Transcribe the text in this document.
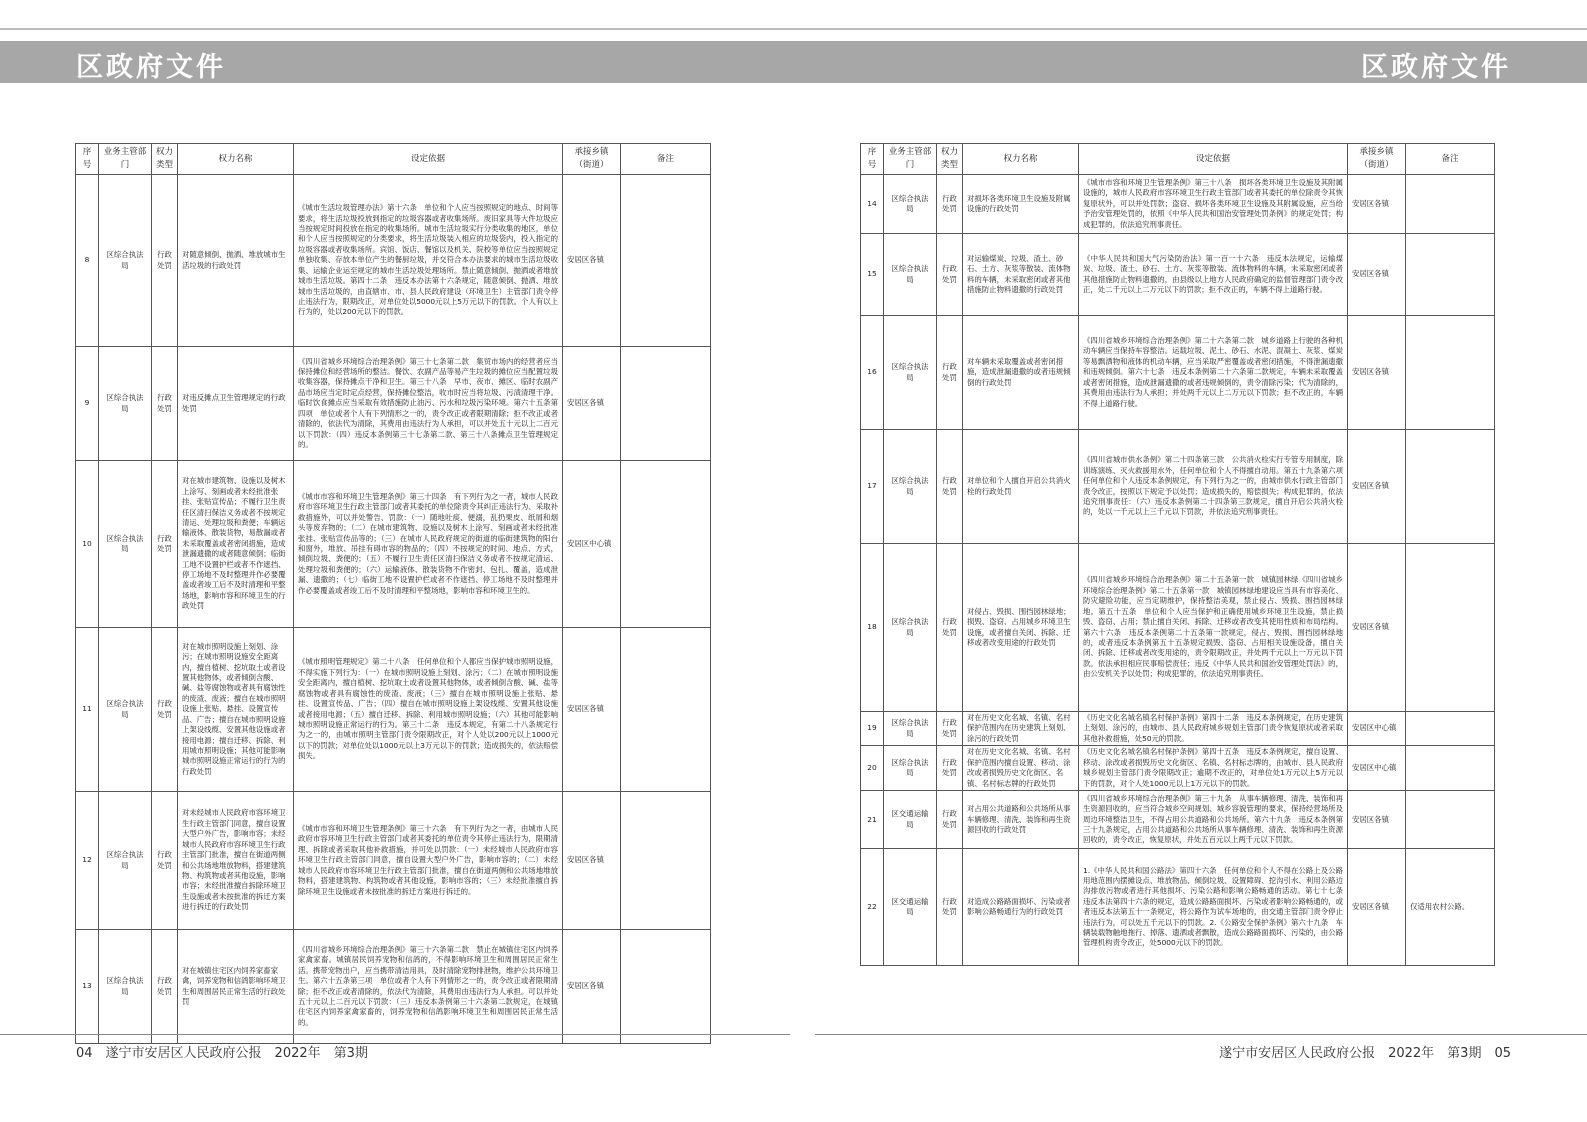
区政府文件	区政府文件
序号	业务主管部门	权力类型	权力名称	设定依据	承接乡镇（街道）	备注
8	区综合执法局	行政处罚	对随意倾倒、抛洒、堆放城市生活垃圾的行政处罚	《城市生活垃圾管理办法》第十六条　单位和个人应当按照规定的地点、时间等要求，将生活垃圾投放到指定的垃圾容器或者收集场所。废旧家具等大件垃圾应当按规定时间投放在指定的收集场所。城市生活垃圾实行分类收集的地区，单位和个人应当按照规定的分类要求，将生活垃圾装入相应的垃圾袋内，投入指定的垃圾容器或者收集场所。宾馆、饭店、餐馆以及机关、院校等单位应当按照规定单独收集、存放本单位产生的餐厨垃圾，并交符合本办法要求的城市生活垃圾收集、运输企业运至规定的城市生活垃圾处理场所。禁止随意倾倒、抛洒或者堆放城市生活垃圾。第四十二条　违反本办法第十六条规定，随意倾倒、抛洒、堆放城市生活垃圾的，由直辖市、市、县人民政府建设（环境卫生）主管部门责令停止违法行为，限期改正，对单位处以5000元以上5万元以下的罚款。个人有以上行为的，处以200元以下的罚款。	安居区各镇	
9	区综合执法局	行政处罚	对违反摊点卫生管理规定的行政处罚	《四川省城乡环境综合治理条例》第三十七条第二款　集贸市场内的经营者应当保持摊位和经营场所的整洁。餐饮、农副产品等易产生垃圾的摊位应当配置垃圾收集容器，保持摊点干净和卫生。第三十八条　早市、夜市、摊区、临时农副产品市场应当定时定点经营，保持摊位整洁，收市时应当将垃圾、污渍清理干净。临时饮食摊点应当采取有效措施防止油污、污水和垃圾污染环境。第六十五条第四项　单位或者个人有下列情形之一的，责令改正或者限期清除；拒不改正或者清除的，依法代为清除，其费用由违法行为人承担，可以并处五十元以上二百元以下罚款：（四）违反本条例第三十七条第二款、第三十八条摊点卫生管理规定的。	安居区各镇	
10	区综合执法局	行政处罚	对在城市建筑物、设施以及树木上涂写、刻画或者未经批准张挂、张贴宣传品；不履行卫生责任区清扫保洁义务或者不按规定清运、处理垃圾和粪便；车辆运输液体、散装货物，易散漏或者未采取覆盖或者密闭措施，造成泄漏遗撒的或者随意倾倒；临街工地不设置护栏或者不作遮挡、停工场地不及时整理并作必要覆盖或者竣工后不及时清理和平整场地，影响市容和环境卫生的行政处罚	《城市市容和环境卫生管理条例》第三十四条　有下列行为之一者，城市人民政府市容环境卫生行政主管部门或者其委托的单位除责令其纠正违法行为、采取补救措施外，可以并处警告、罚款：（一）随地吐痰、便溺，乱扔果皮、纸屑和烟头等废弃物的；（二）在城市建筑物、设施以及树木上涂写、刻画或者未经批准张挂、张贴宣传品等的；（三）在城市人民政府规定的街道的临街建筑物的阳台和窗外，堆放、吊挂有碍市容的物品的；（四）不按规定的时间、地点、方式，倾倒垃圾、粪便的；（五）不履行卫生责任区清扫保洁义务或者不按规定清运、处理垃圾和粪便的；（六）运输液体、散装货物不作密封、包扎、覆盖，造成泄漏、遗撒的；（七）临街工地不设置护栏或者不作遮挡、停工场地不及时整理并作必要覆盖或者竣工后不及时清理和平整场地，影响市容和环境卫生的。	安居区中心镇	
11	区综合执法局	行政处罚	对在城市照明设施上刻划、涂污；在城市照明设施安全距离内，擅自植树、挖坑取土或者设置其他物体，或者倾倒含酸、碱、盐等腐蚀物或者具有腐蚀性的废渣、废液；擅自在城市照明设施上张贴、悬挂、设置宣传品、广告；擅自在城市照明设施上架设线缆、安置其他设施或者接用电源；擅自迁移、拆除、利用城市照明设施；其他可能影响城市照明设施正常运行的行为的行政处罚	《城市照明管理规定》第二十八条　任何单位和个人都应当保护城市照明设施，不得实施下列行为：（一）在城市照明设施上刻划、涂污；（二）在城市照明设施安全距离内，擅自植树、挖坑取土或者设置其他物体，或者倾倒含酸、碱、盐等腐蚀物或者具有腐蚀性的废渣、废液；（三）擅自在城市照明设施上张贴、悬挂、设置宣传品、广告；（四）擅自在城市照明设施上架设线缆、安置其他设施或者接用电源；（五）擅自迁移、拆除、利用城市照明设施；（六）其他可能影响城市照明设施正常运行的行为。第三十二条　违反本规定，有第二十八条规定行为之一的，由城市照明主管部门责令限期改正，对个人处以200元以上1000元以下的罚款；对单位处以1000元以上3万元以下的罚款；造成损失的，依法赔偿损失。	安居区各镇	
12	区综合执法局	行政处罚	对未经城市人民政府市容环境卫生行政主管部门同意，擅自设置大型户外广告，影响市容；未经城市人民政府市容环境卫生行政主管部门批准，擅自在街道两侧和公共场地堆放物料，搭建建筑物、构筑物或者其他设施，影响市容；未经批准擅自拆除环境卫生设施或者未按批准的拆迁方案进行拆迁的行政处罚	《城市市容和环境卫生管理条例》第三十六条　有下列行为之一者，由城市人民政府市容环境卫生行政主管部门或者其委托的单位责令其停止违法行为，限期清理、拆除或者采取其他补救措施，并可处以罚款：（一）未经城市人民政府市容环境卫生行政主管部门同意，擅自设置大型户外广告，影响市容的；（二）未经城市人民政府市容环境卫生行政主管部门批准，擅自在街道两侧和公共场地堆放物料，搭建建筑物、构筑物或者其他设施，影响市容的；（三）未经批准擅自拆除环境卫生设施或者未按批准的拆迁方案进行拆迁的。	安居区各镇	
13	区综合执法局	行政处罚	对在城镇住宅区内饲养家畜家禽，饲养宠物和信鸽影响环境卫生和周围居民正常生活的行政处罚	《四川省城乡环境综合治理条例》第三十六条第二款　禁止在城镇住宅区内饲养家禽家畜。城镇居民饲养宠物和信鸽的，不得影响环境卫生和周围居民正常生活。携带宠物出户，应当携带清洁用具，及时清除宠物排泄物，维护公共环境卫生。第六十五条第三项　单位或者个人有下列情形之一的，责令改正或者限期清除；拒不改正或者清除的，依法代为清除，其费用由违法行为人承担。可以并处五十元以上二百元以下罚款：（三）违反本条例第三十六条第二款规定，在城镇住宅区内饲养家禽家畜的，饲养宠物和信鸽影响环境卫生和周围居民正常生活的。	安居区各镇	
序号	业务主管部门	权力类型	权力名称	设定依据	承接乡镇（街道）	备注
14	区综合执法局	行政处罚	对损坏各类环境卫生设施及附属设施的行政处罚	《城市市容和环境卫生管理条例》第三十八条　损坏各类环境卫生设施及其附属设施的，城市人民政府市容环境卫生行政主管部门或者其委托的单位除责令其恢复原状外，可以并处罚款；盗窃、损坏各类环境卫生设施及其附属设施，应当给予治安管理处罚的，依照《中华人民共和国治安管理处罚条例》的规定处罚；构成犯罪的，依法追究刑事责任。	安居区各镇	
15	区综合执法局	行政处罚	对运输煤炭、垃圾、渣土、砂石、土方、灰浆等散装、流体物料的车辆，未采取密闭或者其他措施防止物料遗撒的行政处罚	《中华人民共和国大气污染防治法》第一百一十六条　违反本法规定，运输煤炭、垃圾、渣土、砂石、土方、灰浆等散装、流体物料的车辆，未采取密闭或者其他措施防止物料遗撒的，由县级以上地方人民政府确定的监督管理部门责令改正，处二千元以上二万元以下的罚款；拒不改正的，车辆不得上道路行驶。	安居区各镇	
16	区综合执法局	行政处罚	对车辆未采取覆盖或者密闭措施，造成泄漏遗撒的或者违规倾倒的行政处罚	《四川省城乡环境综合治理条例》第二十六条第二款　城乡道路上行驶的各种机动车辆应当保持车容整洁。运载垃圾、泥土、砂石、水泥、混凝土、灰浆、煤炭等易飘洒物和液体的机动车辆，应当采取严密覆盖或者密闭措施，不得泄漏遗撒和违规倾倒。第六十七条　违反本条例第二十六条第二款规定，车辆未采取覆盖或者密闭措施，造成泄漏遗撒的或者违规倾倒的，责令清除污染；代为清除的，其费用由违法行为人承担；并处两千元以上二万元以下罚款；拒不改正的，车辆不得上道路行驶。	安居区各镇	
17	区综合执法局	行政处罚	对单位和个人擅自开启公共消火栓的行政处罚	《四川省城市供水条例》第二十四条第三款　公共消火栓实行专管专用制度，除训练演练、灭火救援用水外，任何单位和个人不得擅自动用。第五十九条第六项　任何单位和个人违反本条例规定，有下列行为之一的，由城市供水行政主管部门责令改正，按照以下规定予以处罚；造成损失的，赔偿损失；构成犯罪的，依法追究刑事责任：（六）违反本条例第二十四条第三款规定，擅自开启公共消火栓的，处以一千元以上三千元以下罚款，并依法追究刑事责任。	安居区各镇	
18	区综合执法局	行政处罚	对侵占、毁损、围挡园林绿地；损毁、盗窃、占用城乡环境卫生设施，或者擅自关闭、拆除、迁移或者改变用途的行政处罚	《四川省城乡环境综合治理条例》第二十五条第一款　城镇园林绿《四川省城乡环境综合治理条例》第二十五条第一款　城镇园林绿地建设应当具有市容美化、防灾避险功能，应当定期维护，保持整洁美观，禁止侵占、毁损、围挡园林绿地。第五十五条　单位和个人应当保护和正确使用城乡环境卫生设施，禁止损毁、盗窃、占用；禁止擅自关闭、拆除、迁移或者改变其使用性质和布局结构。第六十六条　违反本条例第二十五条第一款规定，侵占、毁损、围挡园林绿地的，或者违反本条例第五十五条规定损毁、盗窃、占用相关设施设备，擅自关闭、拆除、迁移或者改变用途的，责令限期改正，并处两千元以上一万元以下罚款。依法承担相应民事赔偿责任；违反《中华人民共和国治安管理处罚法》的，由公安机关予以处罚；构成犯罪的，依法追究刑事责任。	安居区各镇	
19	区综合执法局	行政处罚	对在历史文化名城、名镇、名村保护范围内在历史建筑上刻划、涂污的行政处罚	《历史文化名城名镇名村保护条例》第四十二条　违反本条例规定，在历史建筑上刻划、涂污的，由城市、县人民政府城乡规划主管部门责令恢复原状或者采取其他补救措施，处50元的罚款。	安居区中心镇	
20	区综合执法局	行政处罚	对在历史文化名城、名镇、名村保护范围内擅自设置、移动、涂改或者损毁历史文化街区、名镇、名村标志牌的行政处罚	《历史文化名城名镇名村保护条例》第四十五条　违反本条例规定，擅自设置、移动、涂改或者损毁历史文化街区、名镇、名村标志牌的，由城市、县人民政府城乡规划主管部门责令限期改正；逾期不改正的，对单位处1万元以上5万元以下的罚款，对个人处1000元以上1万元以下的罚款。	安居区中心镇	
21	区交通运输局	行政处罚	对占用公共道路和公共场所从事车辆修理、清洗、装饰和再生资源回收的行政处罚	《四川省城乡环境综合治理条例》第三十九条　从事车辆修理、清洗、装饰和再生资源回收的，应当符合城乡空间规划、城乡容貌管理的要求，保持经营场所及周边环境整洁卫生，不得占用公共道路和公共场所。第六十九条　违反本条例第三十九条规定，占用公共道路和公共场所从事车辆修理、清洗、装饰和再生资源回收的，责令改正，恢复原状，并处五百元以上两千元以下罚款。	安居区各镇	
22	区交通运输局	行政处罚	对造成公路路面损坏、污染或者影响公路畅通行为的行政处罚	1.《中华人民共和国公路法》第四十六条　任何单位和个人不得在公路上及公路用地范围内摆摊设点、堆放物品、倾倒垃圾、设置障碍、挖沟引水、利用公路边沟排放污物或者进行其他损坏、污染公路和影响公路畅通的活动。第七十七条　违反本法第四十六条的规定，造成公路路面损坏、污染或者影响公路畅通的，或者违反本法第五十一条规定，将公路作为试车场地的，由交通主管部门责令停止违法行为，可以处五千元以下的罚款。2.《公路安全保护条例》第六十九条　车辆装载物触地拖行、掉落、遗洒或者飘散，造成公路路面损坏、污染的，由公路管理机构责令改正，处5000元以下的罚款。	安居区各镇	仅适用农村公路。
04　遂宁市安居区人民政府公报　2022年　第3期	遂宁市安居区人民政府公报　2022年　第3期　05
